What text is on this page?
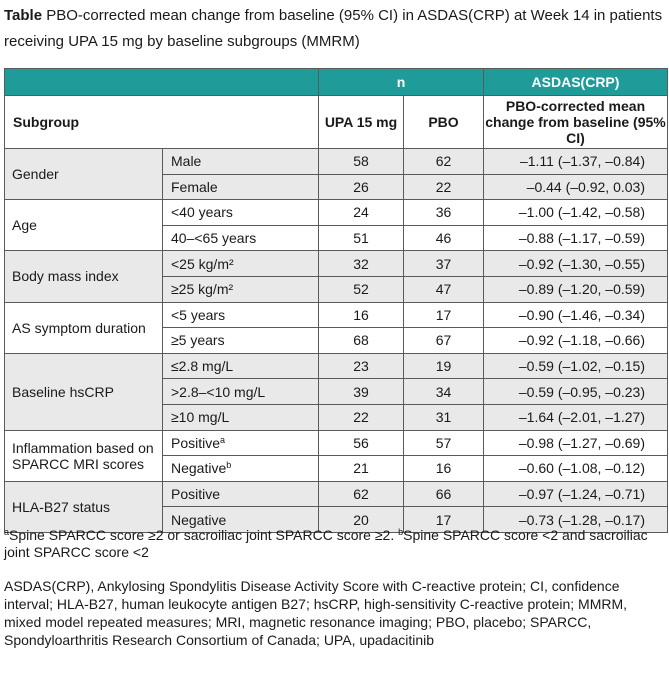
Table PBO-corrected mean change from baseline (95% CI) in ASDAS(CRP) at Week 14 in patients receiving UPA 15 mg by baseline subgroups (MMRM)
		n		ASDAS(CRP)
Subgroup		UPA 15 mg	PBO	PBO-corrected mean change from baseline (95% CI)
Gender	Male	58	62	–1.11 (–1.37, –0.84)
	Female	26	22	–0.44 (–0.92, 0.03)
Age	<40 years	24	36	–1.00 (–1.42, –0.58)
	40–<65 years	51	46	–0.88 (–1.17, –0.59)
Body mass index	<25 kg/m²	32	37	–0.92 (–1.30, –0.55)
	≥25 kg/m²	52	47	–0.89 (–1.20, –0.59)
AS symptom duration	<5 years	16	17	–0.90 (–1.46, –0.34)
	≥5 years	68	67	–0.92 (–1.18, –0.66)
Baseline hsCRP	≤2.8 mg/L	23	19	–0.59 (–1.02, –0.15)
	>2.8–<10 mg/L	39	34	–0.59 (–0.95, –0.23)
	≥10 mg/L	22	31	–1.64 (–2.01, –1.27)
Inflammation based on SPARCC MRI scores	Positive$^a$	56	57	–0.98 (–1.27, –0.69)
	Negative$^b$	21	16	–0.60 (–1.08, –0.12)
HLA-B27 status	Positive	62	66	–0.97 (–1.24, –0.71)
	Negative	20	17	–0.73 (–1.28, –0.17)
$^a$Spine SPARCC score ≥2 or sacroiliac joint SPARCC score ≥2. $^b$Spine SPARCC score <2 and sacroiliac joint SPARCC score <2
ASDAS(CRP), Ankylosing Spondylitis Disease Activity Score with C-reactive protein; CI, confidence interval; HLA-B27, human leukocyte antigen B27; hsCRP, high-sensitivity C-reactive protein; MMRM, mixed model repeated measures; MRI, magnetic resonance imaging; PBO, placebo; SPARCC, Spondyloarthritis Research Consortium of Canada; UPA, upadacitinib
